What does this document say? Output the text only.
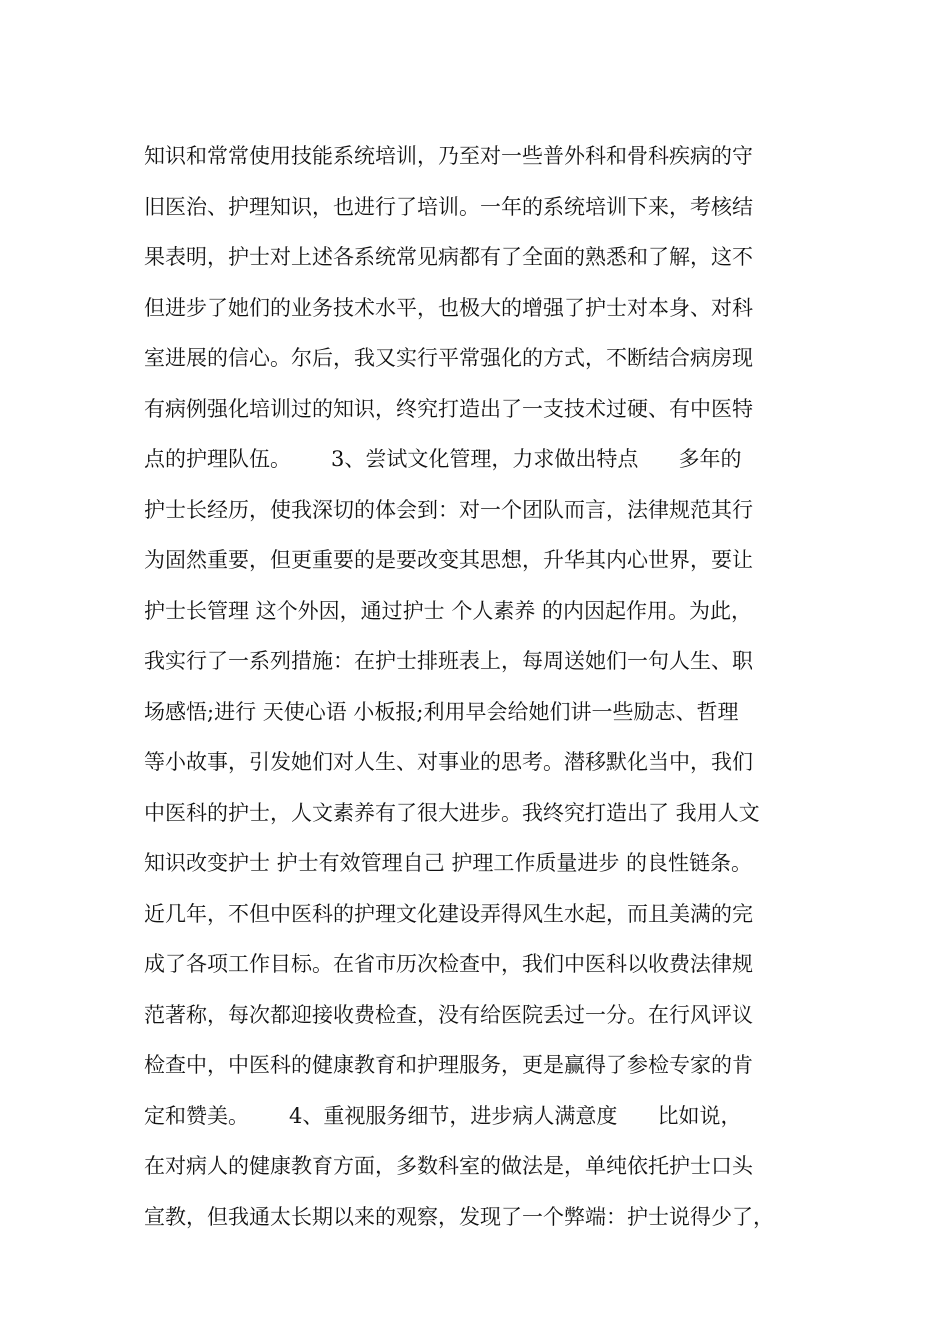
知识和常常使用技能系统培训，乃至对一些普外科和骨科疾病的守
旧医治、护理知识，也进行了培训。一年的系统培训下来，考核结
果表明，护士对上述各系统常见病都有了全面的熟悉和了解，这不
但进步了她们的业务技术水平，也极大的增强了护士对本身、对科
室进展的信心。尔后，我又实行平常强化的方式，不断结合病房现
有病例强化培训过的知识，终究打造出了一支技术过硬、有中医特
点的护理队伍。      3、尝试文化管理，力求做出特点      多年的
护士长经历，使我深切的体会到：对一个团队而言，法律规范其行
为固然重要，但更重要的是要改变其思想，升华其内心世界，要让
护士长管理 这个外因，通过护士 个人素养 的内因起作用。为此，
我实行了一系列措施：在护士排班表上，每周送她们一句人生、职
场感悟;进行 天使心语 小板报;利用早会给她们讲一些励志、哲理
等小故事，引发她们对人生、对事业的思考。潜移默化当中，我们
中医科的护士，人文素养有了很大进步。我终究打造出了 我用人文
知识改变护士 护士有效管理自己 护理工作质量进步 的良性链条。
近几年，不但中医科的护理文化建设弄得风生水起，而且美满的完
成了各项工作目标。在省市历次检查中，我们中医科以收费法律规
范著称，每次都迎接收费检查，没有给医院丢过一分。在行风评议
检查中，中医科的健康教育和护理服务，更是赢得了参检专家的肯
定和赞美。      4、重视服务细节，进步病人满意度      比如说，
在对病人的健康教育方面，多数科室的做法是，单纯依托护士口头
宣教，但我通太长期以来的观察，发现了一个弊端：护士说得少了，
